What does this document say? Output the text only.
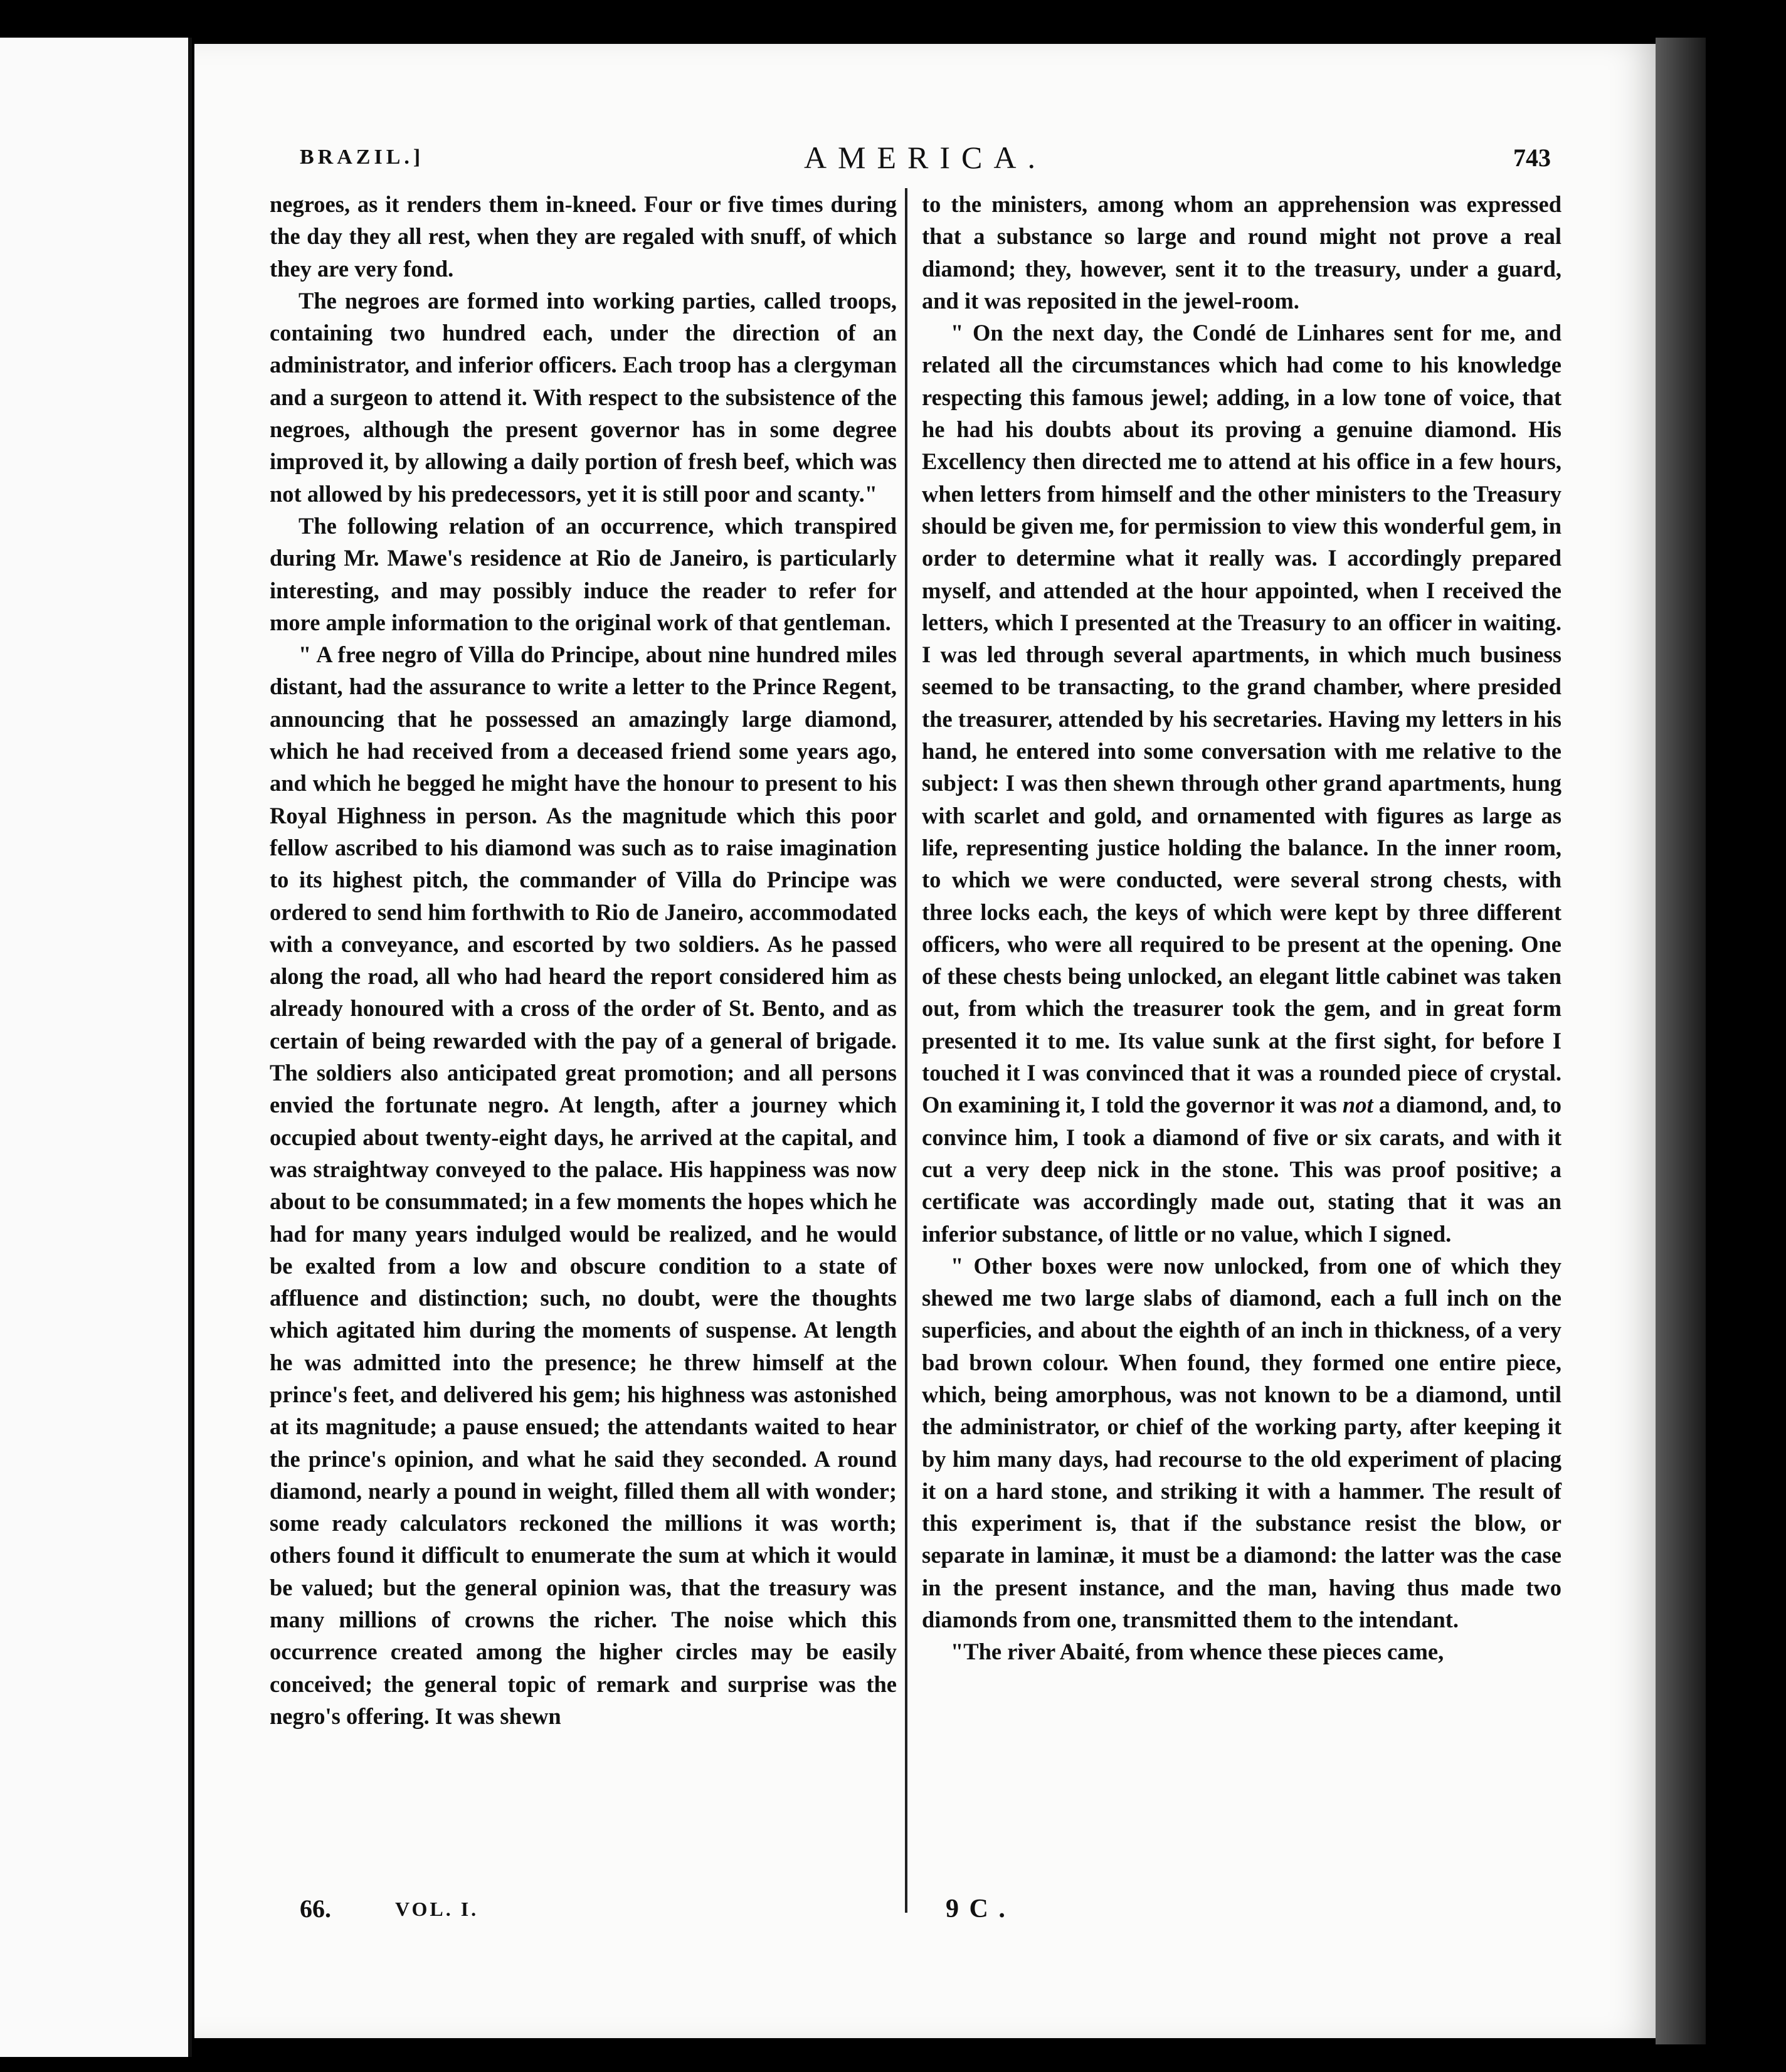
BRAZIL.]	AMERICA.	743

negroes, as it renders them in-kneed. Four or five times during the day they all rest, when they are regaled with snuff, of which they are very fond.

The negroes are formed into working parties, called troops, containing two hundred each, under the direction of an administrator, and inferior officers. Each troop has a clergyman and a surgeon to attend it. With respect to the subsistence of the negroes, although the present governor has in some degree improved it, by allowing a daily portion of fresh beef, which was not allowed by his predecessors, yet it is still poor and scanty."

The following relation of an occurrence, which transpired during Mr. Mawe's residence at Rio de Janeiro, is particularly interesting, and may possibly induce the reader to refer for more ample information to the original work of that gentleman.

" A free negro of Villa do Principe, about nine hundred miles distant, had the assurance to write a letter to the Prince Regent, announcing that he possessed an amazingly large diamond, which he had received from a deceased friend some years ago, and which he begged he might have the honour to present to his Royal Highness in person. As the magnitude which this poor fellow ascribed to his diamond was such as to raise imagination to its highest pitch, the commander of Villa do Principe was ordered to send him forthwith to Rio de Janeiro, accommodated with a conveyance, and escorted by two soldiers. As he passed along the road, all who had heard the report considered him as already honoured with a cross of the order of St. Bento, and as certain of being rewarded with the pay of a general of brigade. The soldiers also anticipated great promotion; and all persons envied the fortunate negro. At length, after a journey which occupied about twenty-eight days, he arrived at the capital, and was straightway conveyed to the palace. His happiness was now about to be consummated; in a few moments the hopes which he had for many years indulged would be realized, and he would be exalted from a low and obscure condition to a state of affluence and distinction; such, no doubt, were the thoughts which agitated him during the moments of suspense. At length he was admitted into the presence; he threw himself at the prince's feet, and delivered his gem; his highness was astonished at its magnitude; a pause ensued; the attendants waited to hear the prince's opinion, and what he said they seconded. A round diamond, nearly a pound in weight, filled them all with wonder; some ready calculators reckoned the millions it was worth; others found it difficult to enumerate the sum at which it would be valued; but the general opinion was, that the treasury was many millions of crowns the richer. The noise which this occurrence created among the higher circles may be easily conceived; the general topic of remark and surprise was the negro's offering. It was shewn

to the ministers, among whom an apprehension was expressed that a substance so large and round might not prove a real diamond; they, however, sent it to the treasury, under a guard, and it was reposited in the jewel-room.

" On the next day, the Condé de Linhares sent for me, and related all the circumstances which had come to his knowledge respecting this famous jewel; adding, in a low tone of voice, that he had his doubts about its proving a genuine diamond. His Excellency then directed me to attend at his office in a few hours, when letters from himself and the other ministers to the Treasury should be given me, for permission to view this wonderful gem, in order to determine what it really was. I accordingly prepared myself, and attended at the hour appointed, when I received the letters, which I presented at the Treasury to an officer in waiting. I was led through several apartments, in which much business seemed to be transacting, to the grand chamber, where presided the treasurer, attended by his secretaries. Having my letters in his hand, he entered into some conversation with me relative to the subject: I was then shewn through other grand apartments, hung with scarlet and gold, and ornamented with figures as large as life, representing justice holding the balance. In the inner room, to which we were conducted, were several strong chests, with three locks each, the keys of which were kept by three different officers, who were all required to be present at the opening. One of these chests being unlocked, an elegant little cabinet was taken out, from which the treasurer took the gem, and in great form presented it to me. Its value sunk at the first sight, for before I touched it I was convinced that it was a rounded piece of crystal. On examining it, I told the governor it was not a diamond, and, to convince him, I took a diamond of five or six carats, and with it cut a very deep nick in the stone. This was proof positive; a certificate was accordingly made out, stating that it was an inferior substance, of little or no value, which I signed.

" Other boxes were now unlocked, from one of which they shewed me two large slabs of diamond, each a full inch on the superficies, and about the eighth of an inch in thickness, of a very bad brown colour. When found, they formed one entire piece, which, being amorphous, was not known to be a diamond, until the administrator, or chief of the working party, after keeping it by him many days, had recourse to the old experiment of placing it on a hard stone, and striking it with a hammer. The result of this experiment is, that if the substance resist the blow, or separate in laminæ, it must be a diamond: the latter was the case in the present instance, and the man, having thus made two diamonds from one, transmitted them to the intendant.

"The river Abaité, from whence these pieces came,

66.	VOL. I.	9 C .
